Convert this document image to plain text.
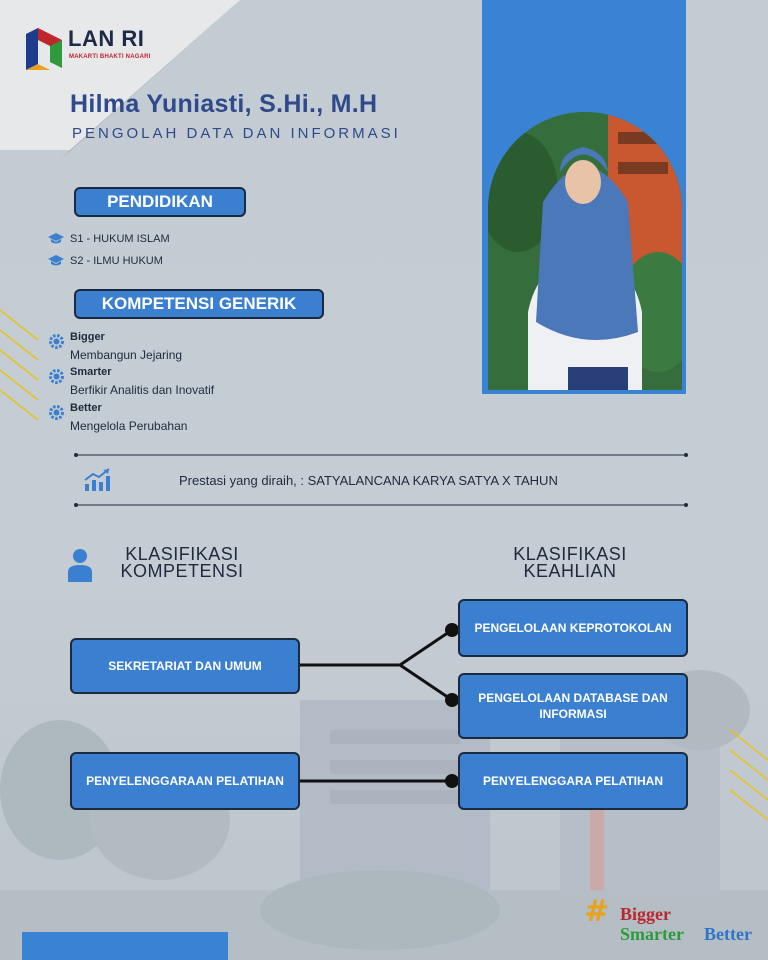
LAN RI
MAKARTI BHAKTI NAGARI
Hilma Yuniasti, S.Hi., M.H
PENGOLAH DATA DAN INFORMASI
PENDIDIKAN
S1 - HUKUM ISLAM
S2 - ILMU HUKUM
KOMPETENSI GENERIK
Bigger
Membangun Jejaring
Smarter
Berfikir Analitis dan Inovatif
Better
Mengelola Perubahan
Prestasi yang diraih, : SATYALANCANA KARYA SATYA X TAHUN
KLASIFIKASI
KOMPETENSI
KLASIFIKASI
KEAHLIAN
SEKRETARIAT DAN UMUM
PENYELENGGARAAN PELATIHAN
PENGELOLAAN KEPROTOKOLAN
PENGELOLAAN DATABASE DAN INFORMASI
PENYELENGGARA PELATIHAN
# Bigger
Smarter Better
